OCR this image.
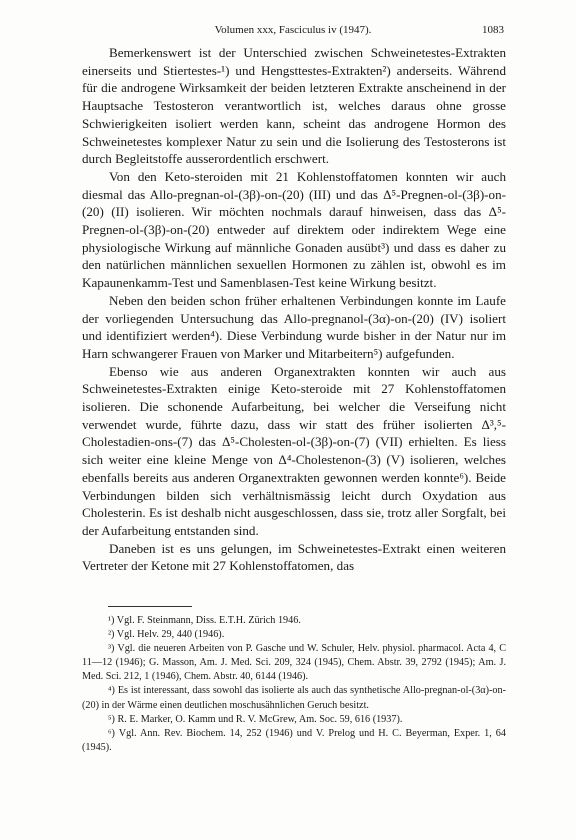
Volumen xxx, Fasciculus iv (1947).	1083

Bemerkenswert ist der Unterschied zwischen Schweinetestes-Extrakten einerseits und Stiertestes-¹) und Hengsttestes-Extrakten²) anderseits. Während für die androgene Wirksamkeit der beiden letzteren Extrakte anscheinend in der Hauptsache Testosteron verantwortlich ist, welches daraus ohne grosse Schwierigkeiten isoliert werden kann, scheint das androgene Hormon des Schweinetestes komplexer Natur zu sein und die Isolierung des Testosterons ist durch Begleitstoffe ausserordentlich erschwert.

Von den Keto-steroiden mit 21 Kohlenstoffatomen konnten wir auch diesmal das Allo-pregnan-ol-(3β)-on-(20) (III) und das Δ⁵-Pregnen-ol-(3β)-on-(20) (II) isolieren. Wir möchten nochmals darauf hinweisen, dass das Δ⁵-Pregnen-ol-(3β)-on-(20) entweder auf direktem oder indirektem Wege eine physiologische Wirkung auf männliche Gonaden ausübt³) und dass es daher zu den natürlichen männlichen sexuellen Hormonen zu zählen ist, obwohl es im Kapaunenkamm-Test und Samenblasen-Test keine Wirkung besitzt.

Neben den beiden schon früher erhaltenen Verbindungen konnte im Laufe der vorliegenden Untersuchung das Allo-pregnanol-(3α)-on-(20) (IV) isoliert und identifiziert werden⁴). Diese Verbindung wurde bisher in der Natur nur im Harn schwangerer Frauen von Marker und Mitarbeitern⁵) aufgefunden.

Ebenso wie aus anderen Organextrakten konnten wir auch aus Schweinetestes-Extrakten einige Keto-steroide mit 27 Kohlenstoffatomen isolieren. Die schonende Aufarbeitung, bei welcher die Verseifung nicht verwendet wurde, führte dazu, dass wir statt des früher isolierten Δ³,⁵-Cholestadien-ons-(7) das Δ⁵-Cholesten-ol-(3β)-on-(7) (VII) erhielten. Es liess sich weiter eine kleine Menge von Δ⁴-Cholestenon-(3) (V) isolieren, welches ebenfalls bereits aus anderen Organextrakten gewonnen werden konnte⁶). Beide Verbindungen bilden sich verhältnismässig leicht durch Oxydation aus Cholesterin. Es ist deshalb nicht ausgeschlossen, dass sie, trotz aller Sorgfalt, bei der Aufarbeitung entstanden sind.

Daneben ist es uns gelungen, im Schweinetestes-Extrakt einen weiteren Vertreter der Ketone mit 27 Kohlenstoffatomen, das

¹) Vgl. F. Steinmann, Diss. E.T.H. Zürich 1946.

²) Vgl. Helv. 29, 440 (1946).

³) Vgl. die neueren Arbeiten von P. Gasche und W. Schuler, Helv. physiol. pharmacol. Acta 4, C 11—12 (1946); G. Masson, Am. J. Med. Sci. 209, 324 (1945), Chem. Abstr. 39, 2792 (1945); Am. J. Med. Sci. 212, 1 (1946), Chem. Abstr. 40, 6144 (1946).

⁴) Es ist interessant, dass sowohl das isolierte als auch das synthetische Allo-pregnan-ol-(3α)-on-(20) in der Wärme einen deutlichen moschusähnlichen Geruch besitzt.

⁵) R. E. Marker, O. Kamm und R. V. McGrew, Am. Soc. 59, 616 (1937).

⁶) Vgl. Ann. Rev. Biochem. 14, 252 (1946) und V. Prelog und H. C. Beyerman, Exper. 1, 64 (1945).
